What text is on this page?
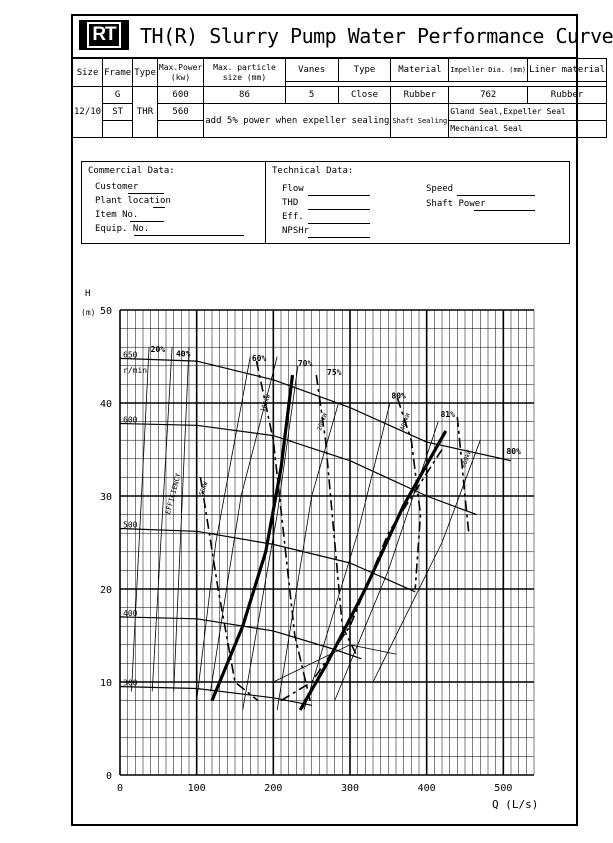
RT TH(R) Slurry Pump Water Performance Curve
Size	Frame	Type	Max.Power (kw)	Max. particle size (mm)	Vanes	Type	Material	Impeller Dia. (mm)	Liner material

12/10	G	THR	600	86	5	Close	Rubber	762	Rubber
	ST		560	add 5% power when expeller sealing			Shaft Sealing	Gland Seal,Expeller Seal	
								Mechanical Seal	
Commercial Data:
Customer
Plant location
Item No.
Equip. No.
Technical Data:
Flow
THD
Eff.
NPSHr
Speed
Shaft Power
0	100	200	300	400	500
0
10
20
30
40
50
Q (L/s)
H
(m)
650
600
500
400
300
r/min
20%
40%
60%
70%
75%
80%
81%
80%
EFFICIENCY	50kW
100kW
200kW	400kW
600kW
